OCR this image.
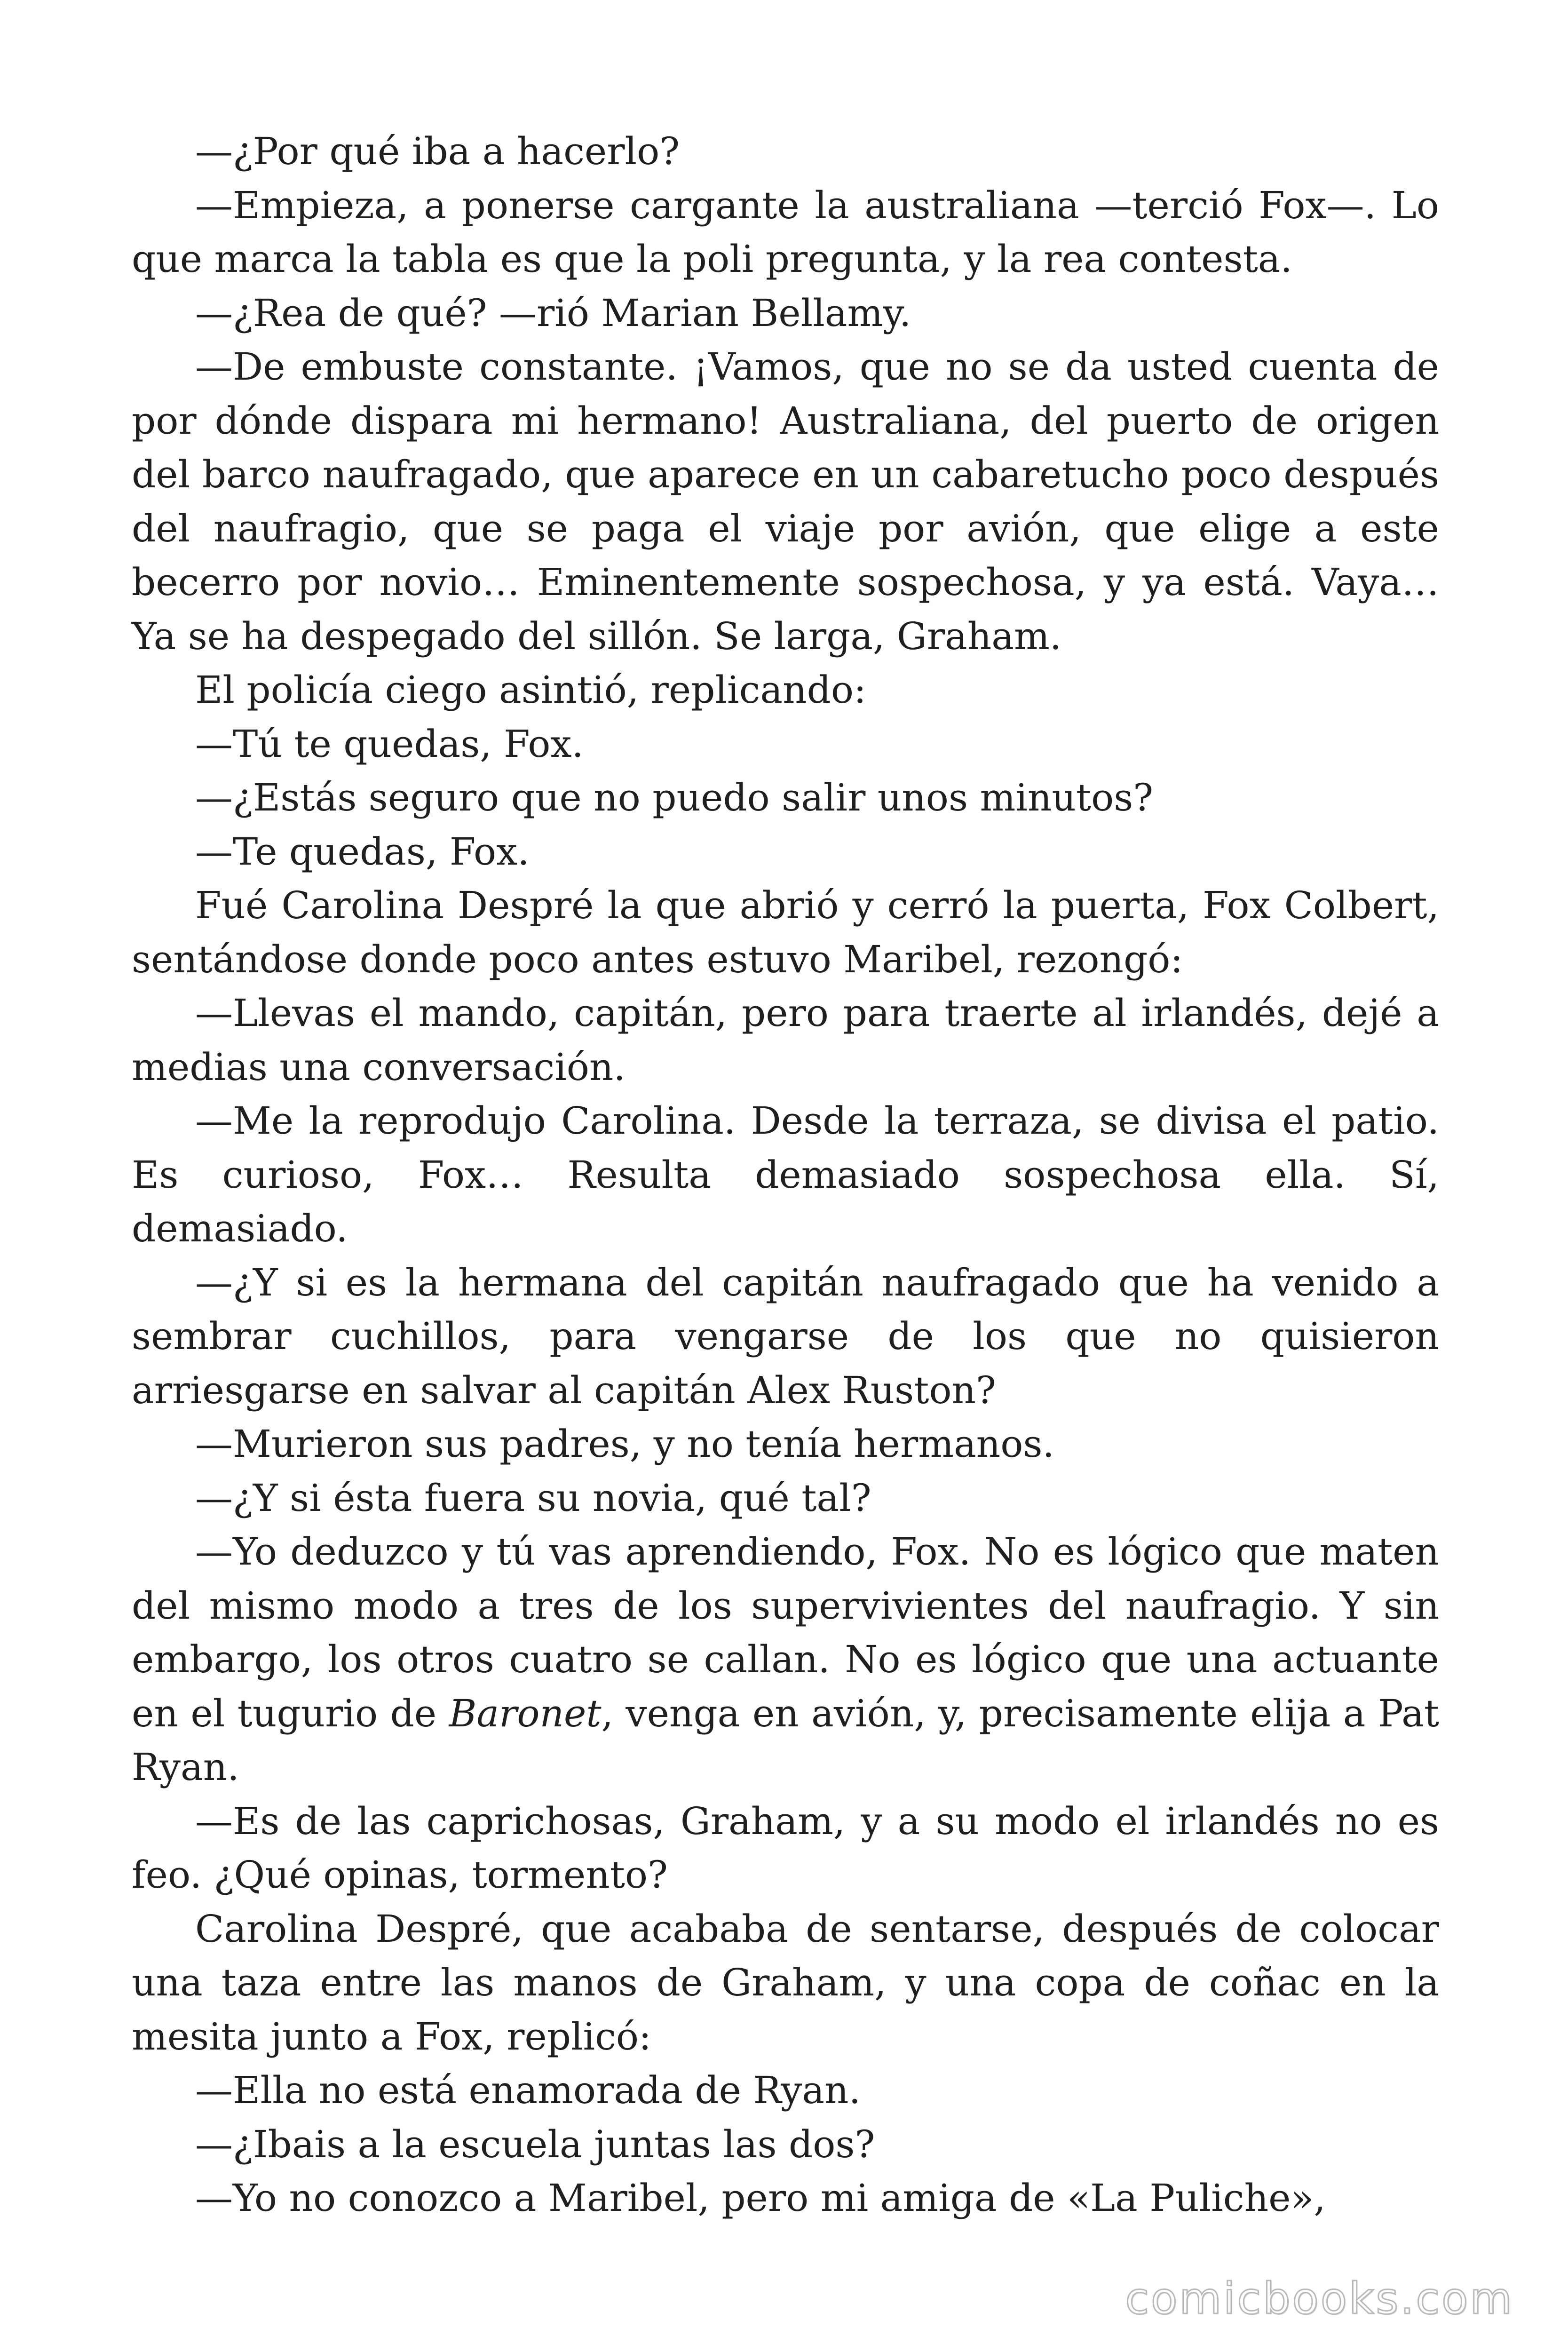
—¿Por qué iba a hacerlo?

—Empieza, a ponerse cargante la australiana —terció Fox—. Lo que marca la tabla es que la poli pregunta, y la rea contesta.

—¿Rea de qué? —rió Marian Bellamy.

—De embuste constante. ¡Vamos, que no se da usted cuenta de por dónde dispara mi hermano! Australiana, del puerto de origen del barco naufragado, que aparece en un cabaretucho poco después del naufragio, que se paga el viaje por avión, que elige a este becerro por novio… Eminentemente sospechosa, y ya está. Vaya… Ya se ha despegado del sillón. Se larga, Graham.

El policía ciego asintió, replicando:

—Tú te quedas, Fox.

—¿Estás seguro que no puedo salir unos minutos?

—Te quedas, Fox.

Fué Carolina Despré la que abrió y cerró la puerta, Fox Colbert, sentándose donde poco antes estuvo Maribel, rezongó:

—Llevas el mando, capitán, pero para traerte al irlandés, dejé a medias una conversación.

—Me la reprodujo Carolina. Desde la terraza, se divisa el patio. Es curioso, Fox… Resulta demasiado sospechosa ella. Sí, demasiado.

—¿Y si es la hermana del capitán naufragado que ha venido a sembrar cuchillos, para vengarse de los que no quisieron arriesgarse en salvar al capitán Alex Ruston?

—Murieron sus padres, y no tenía hermanos.

—¿Y si ésta fuera su novia, qué tal?

—Yo deduzco y tú vas aprendiendo, Fox. No es lógico que maten del mismo modo a tres de los supervivientes del naufragio. Y sin embargo, los otros cuatro se callan. No es lógico que una actuante en el tugurio de Baronet, venga en avión, y, precisamente elija a Pat Ryan.

—Es de las caprichosas, Graham, y a su modo el irlandés no es feo. ¿Qué opinas, tormento?

Carolina Despré, que acababa de sentarse, después de colocar una taza entre las manos de Graham, y una copa de coñac en la mesita junto a Fox, replicó:

—Ella no está enamorada de Ryan.

—¿Ibais a la escuela juntas las dos?

—Yo no conozco a Maribel, pero mi amiga de «La Puliche»,

comicbooks.com
